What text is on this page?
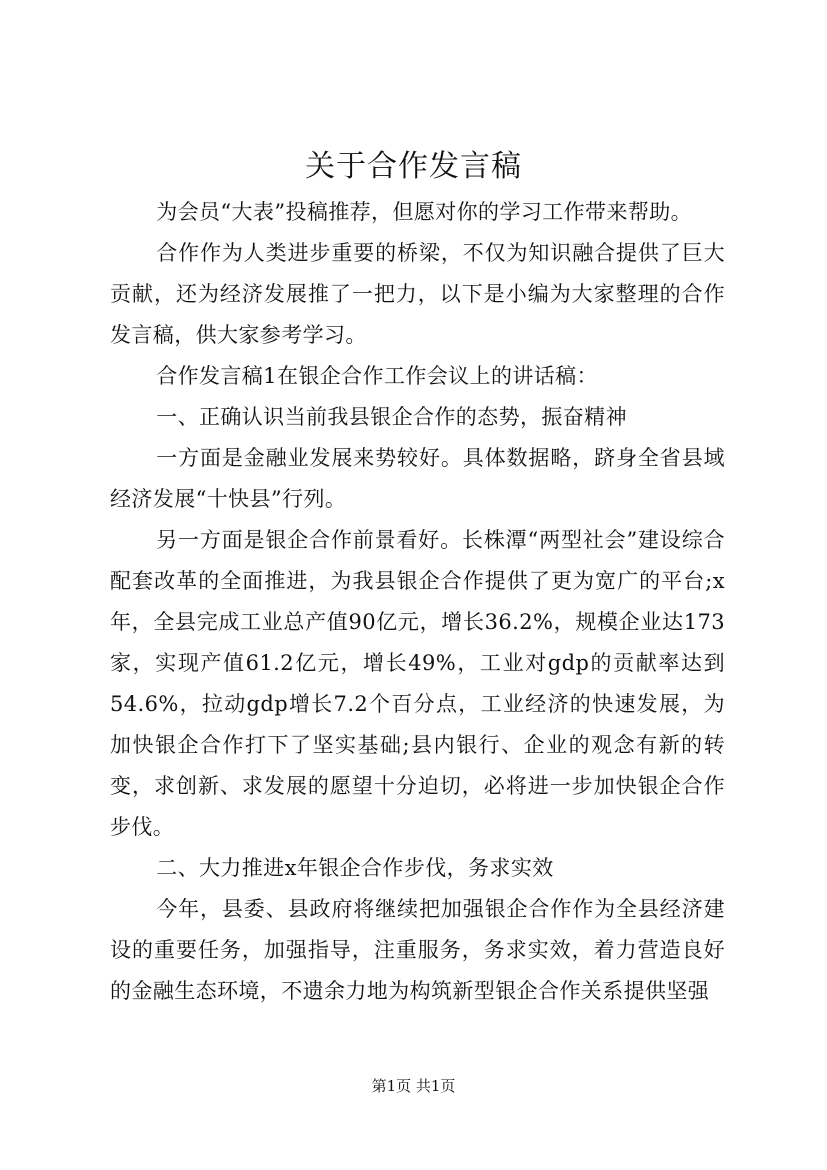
关于合作发言稿

为会员“大表”投稿推荐，但愿对你的学习工作带来帮助。

合作作为人类进步重要的桥梁，不仅为知识融合提供了巨大贡献，还为经济发展推了一把力，以下是小编为大家整理的合作发言稿，供大家参考学习。

合作发言稿1在银企合作工作会议上的讲话稿：

一、正确认识当前我县银企合作的态势，振奋精神

一方面是金融业发展来势较好。具体数据略，跻身全省县域经济发展“十快县”行列。

另一方面是银企合作前景看好。长株潭“两型社会”建设综合配套改革的全面推进，为我县银企合作提供了更为宽广的平台;x年，全县完成工业总产值90亿元，增长36.2%，规模企业达173家，实现产值61.2亿元，增长49%，工业对gdp的贡献率达到54.6%，拉动gdp增长7.2个百分点，工业经济的快速发展，为加快银企合作打下了坚实基础;县内银行、企业的观念有新的转变，求创新、求发展的愿望十分迫切，必将进一步加快银企合作步伐。

二、大力推进x年银企合作步伐，务求实效

今年，县委、县政府将继续把加强银企合作作为全县经济建设的重要任务，加强指导，注重服务，务求实效，着力营造良好的金融生态环境，不遗余力地为构筑新型银企合作关系提供坚强

第1页 共1页
